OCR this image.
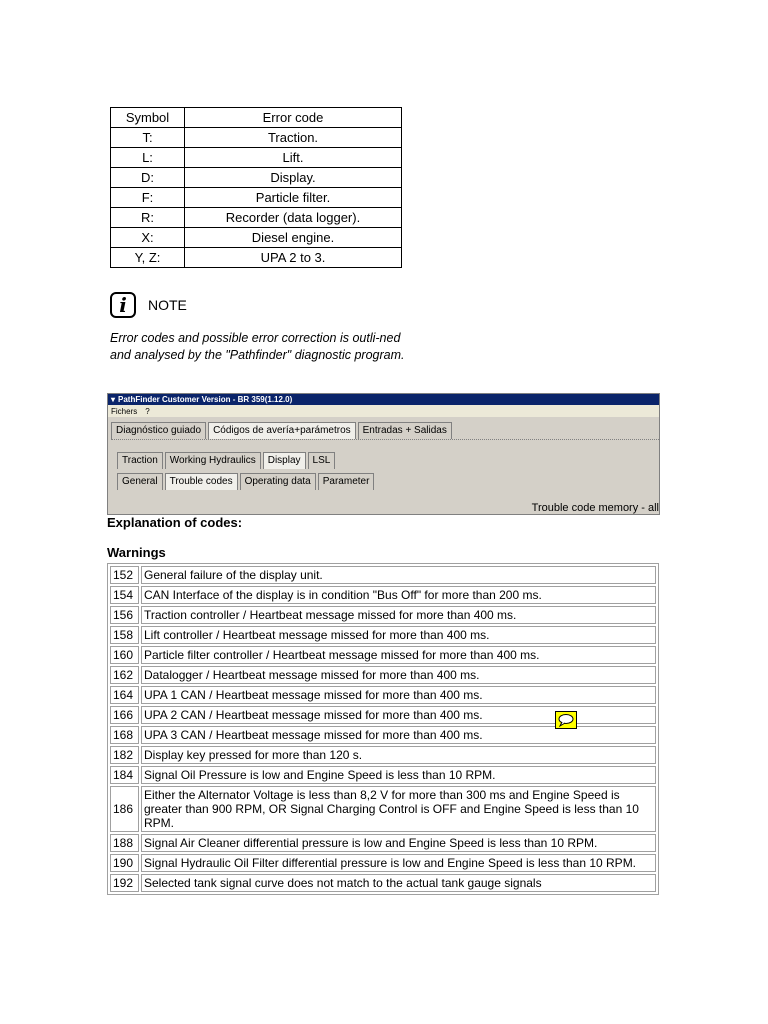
Symbol	Error code
T:	Traction.
L:	Lift.
D:	Display.
F:	Particle filter.
R:	Recorder (data logger).
X:	Diesel engine.
Y, Z:	UPA 2 to 3.
i	NOTE
Error codes and possible error correction is outli-ned and analysed by the "Pathfinder" diagnostic program.
▾ PathFinder Customer Version - BR 359(1.12.0)
Fichers ?
Diagnóstico guiado	Códigos de avería+parámetros	Entradas + Salidas
Traction	Working Hydraulics	Display	LSL
General	Trouble codes	Operating data	Parameter
Trouble code memory - all
Explanation of codes:
Warnings
152	General failure of the display unit.
154	CAN Interface of the display is in condition "Bus Off" for more than 200 ms.
156	Traction controller / Heartbeat message missed for more than 400 ms.
158	Lift controller / Heartbeat message missed for more than 400 ms.
160	Particle filter controller / Heartbeat message missed for more than 400 ms.
162	Datalogger / Heartbeat message missed for more than 400 ms.
164	UPA 1 CAN / Heartbeat message missed for more than 400 ms.
166	UPA 2 CAN / Heartbeat message missed for more than 400 ms.
168	UPA 3 CAN / Heartbeat message missed for more than 400 ms.
182	Display key pressed for more than 120 s.
184	Signal Oil Pressure is low and Engine Speed is less than 10 RPM.
186	Either the Alternator Voltage is less than 8,2 V for more than 300 ms and Engine Speed is greater than 900 RPM, OR Signal Charging Control is OFF and Engine Speed is less than 10 RPM.
188	Signal Air Cleaner differential pressure is low and Engine Speed is less than 10 RPM.
190	Signal Hydraulic Oil Filter differential pressure is low and Engine Speed is less than 10 RPM.
192	Selected tank signal curve does not match to the actual tank gauge signals
